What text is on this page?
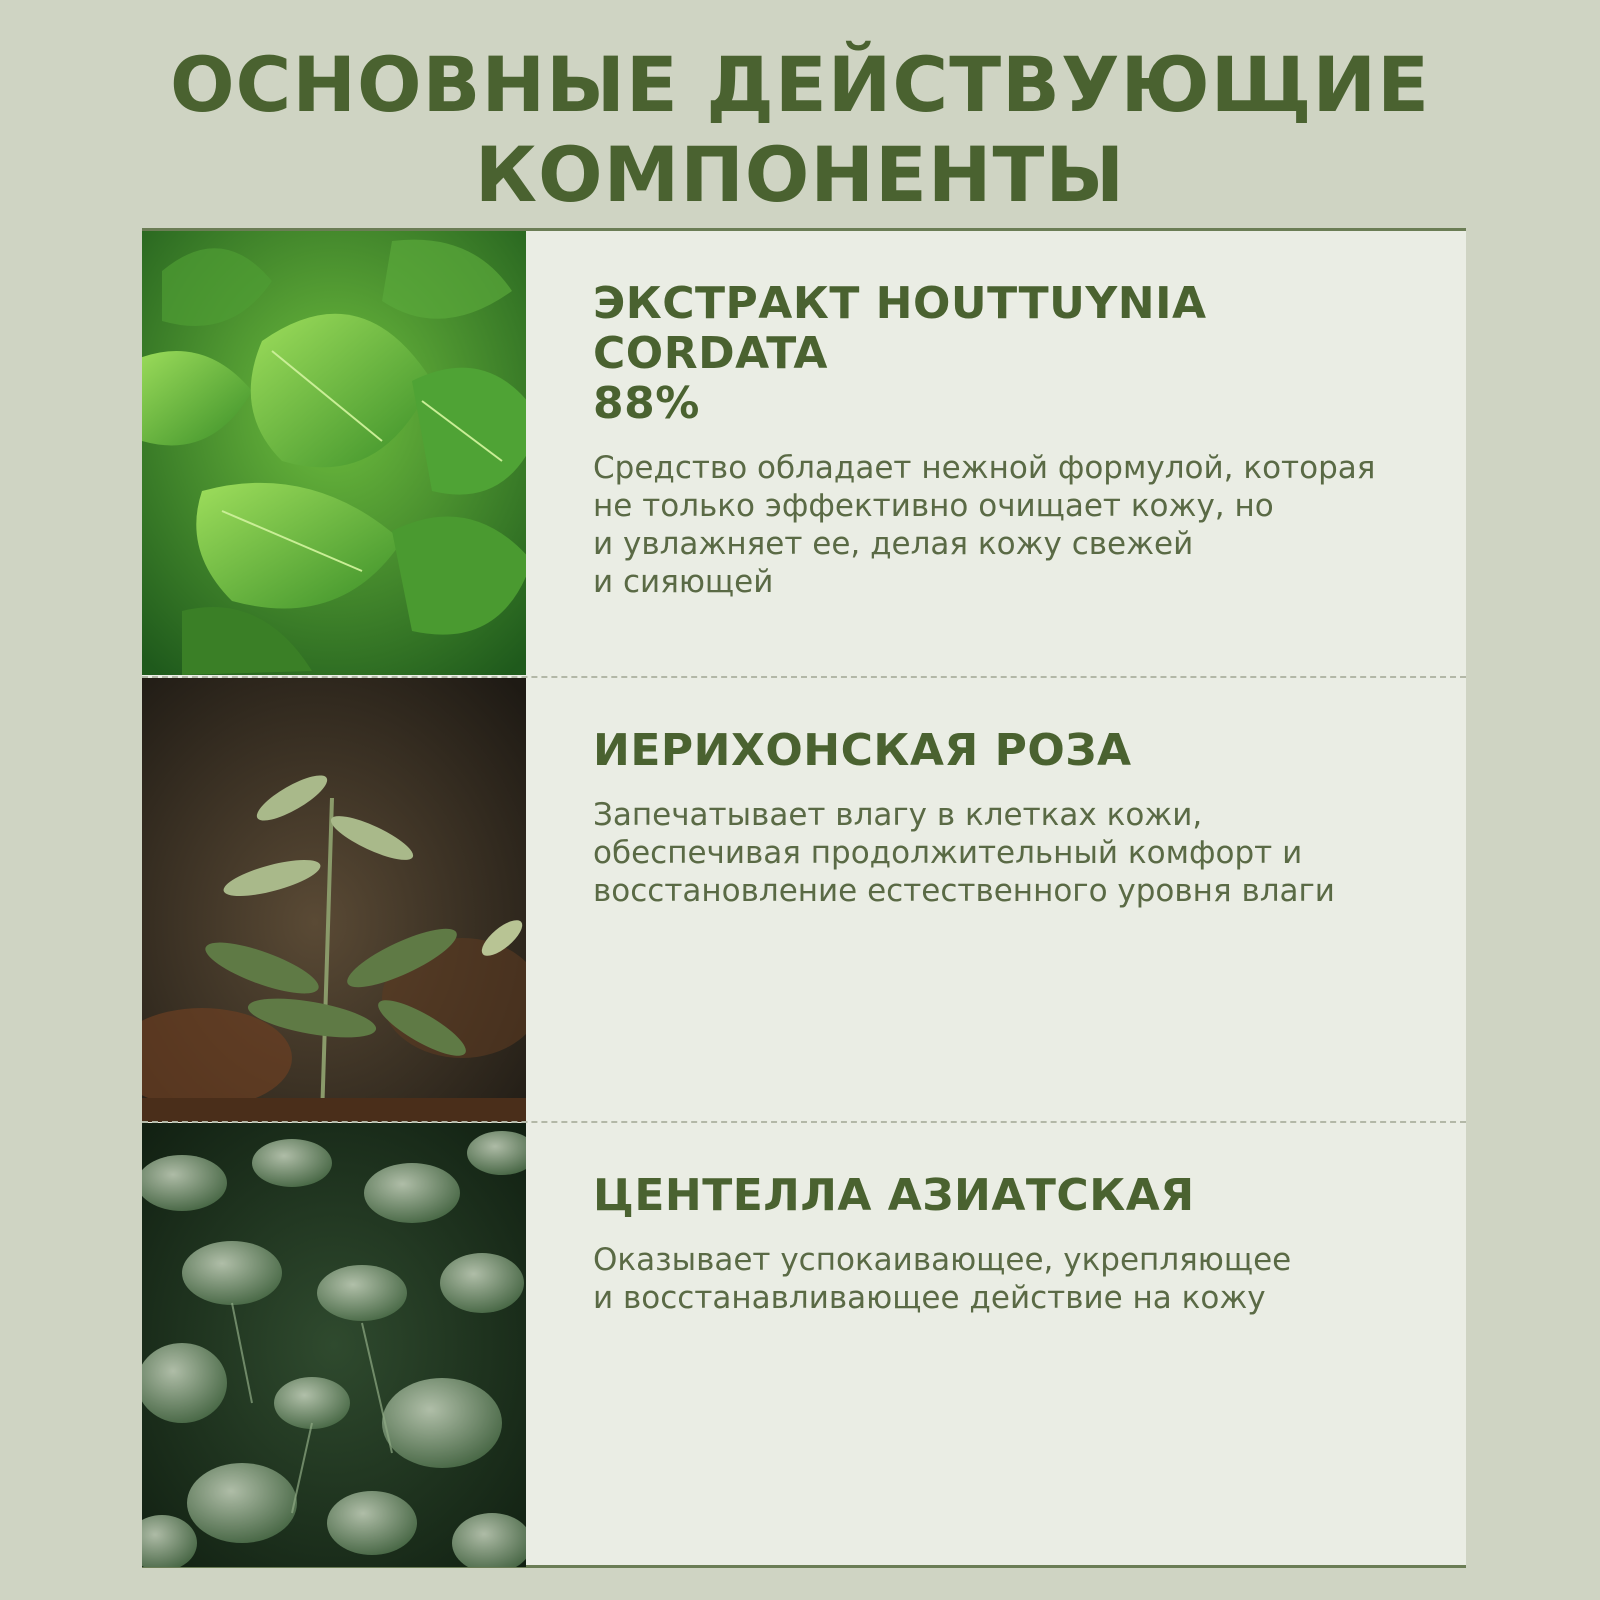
ОСНОВНЫЕ ДЕЙСТВУЮЩИЕ
КОМПОНЕНТЫ
ЭКСТРАКТ HOUTTUYNIA CORDATA
88%

Средство обладает нежной формулой, которая
не только эффективно очищает кожу, но
и увлажняет ее, делая кожу свежей
и сияющей

ИЕРИХОНСКАЯ РОЗА

Запечатывает влагу в клетках кожи,
обеспечивая продолжительный комфорт и
восстановление естественного уровня влаги

ЦЕНТЕЛЛА АЗИАТСКАЯ

Оказывает успокаивающее, укрепляющее
и восстанавливающее действие на кожу
